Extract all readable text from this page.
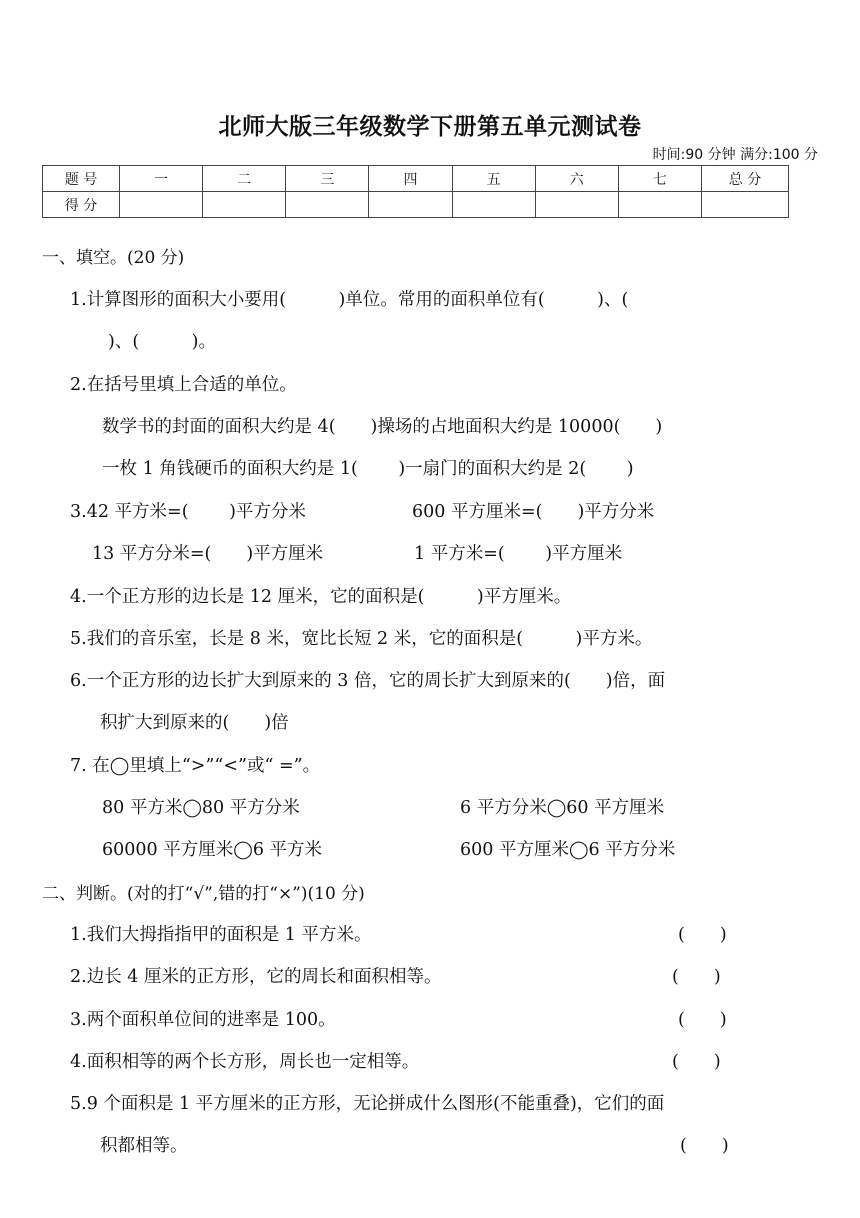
北师大版三年级数学下册第五单元测试卷
时间:90 分钟 满分:100 分
题 号	一	二	三	四	五	六	七	总 分
得 分								
一、填空。(20 分)
1.计算图形的面积大小要用(　　　)单位。常用的面积单位有(　　　)、(
)、(　　　)。
2.在括号里填上合适的单位。
数学书的封面的面积大约是 4(　　)操场的占地面积大约是 10000(　　)
一枚 1 角钱硬币的面积大约是 1(　　 )一扇门的面积大约是 2(　　 )
3.42 平方米=(　　 )平方分米	600 平方厘米=(　　)平方分米
13 平方分米=(　　)平方厘米	1 平方米=(　　 )平方厘米
4.一个正方形的边长是 12 厘米，它的面积是(　　　)平方厘米。
5.我们的音乐室，长是 8 米，宽比长短 2 米，它的面积是(　　　)平方米。
6.一个正方形的边长扩大到原来的 3 倍，它的周长扩大到原来的(　　)倍，面
积扩大到原来的(　　)倍
7. 在◯里填上“>”“<”或“ =”。
80 平方米◯80 平方分米	6 平方分米◯60 平方厘米
60000 平方厘米◯6 平方米	600 平方厘米◯6 平方分米
二、判断。(对的打“√”,错的打“×”)(10 分)
1.我们大拇指指甲的面积是 1 平方米。	(　　)
2.边长 4 厘米的正方形，它的周长和面积相等。	(　　)
3.两个面积单位间的进率是 100。	(　　)
4.面积相等的两个长方形，周长也一定相等。	(　　)
5.9 个面积是 1 平方厘米的正方形，无论拼成什么图形(不能重叠)，它们的面
积都相等。	(　　)
